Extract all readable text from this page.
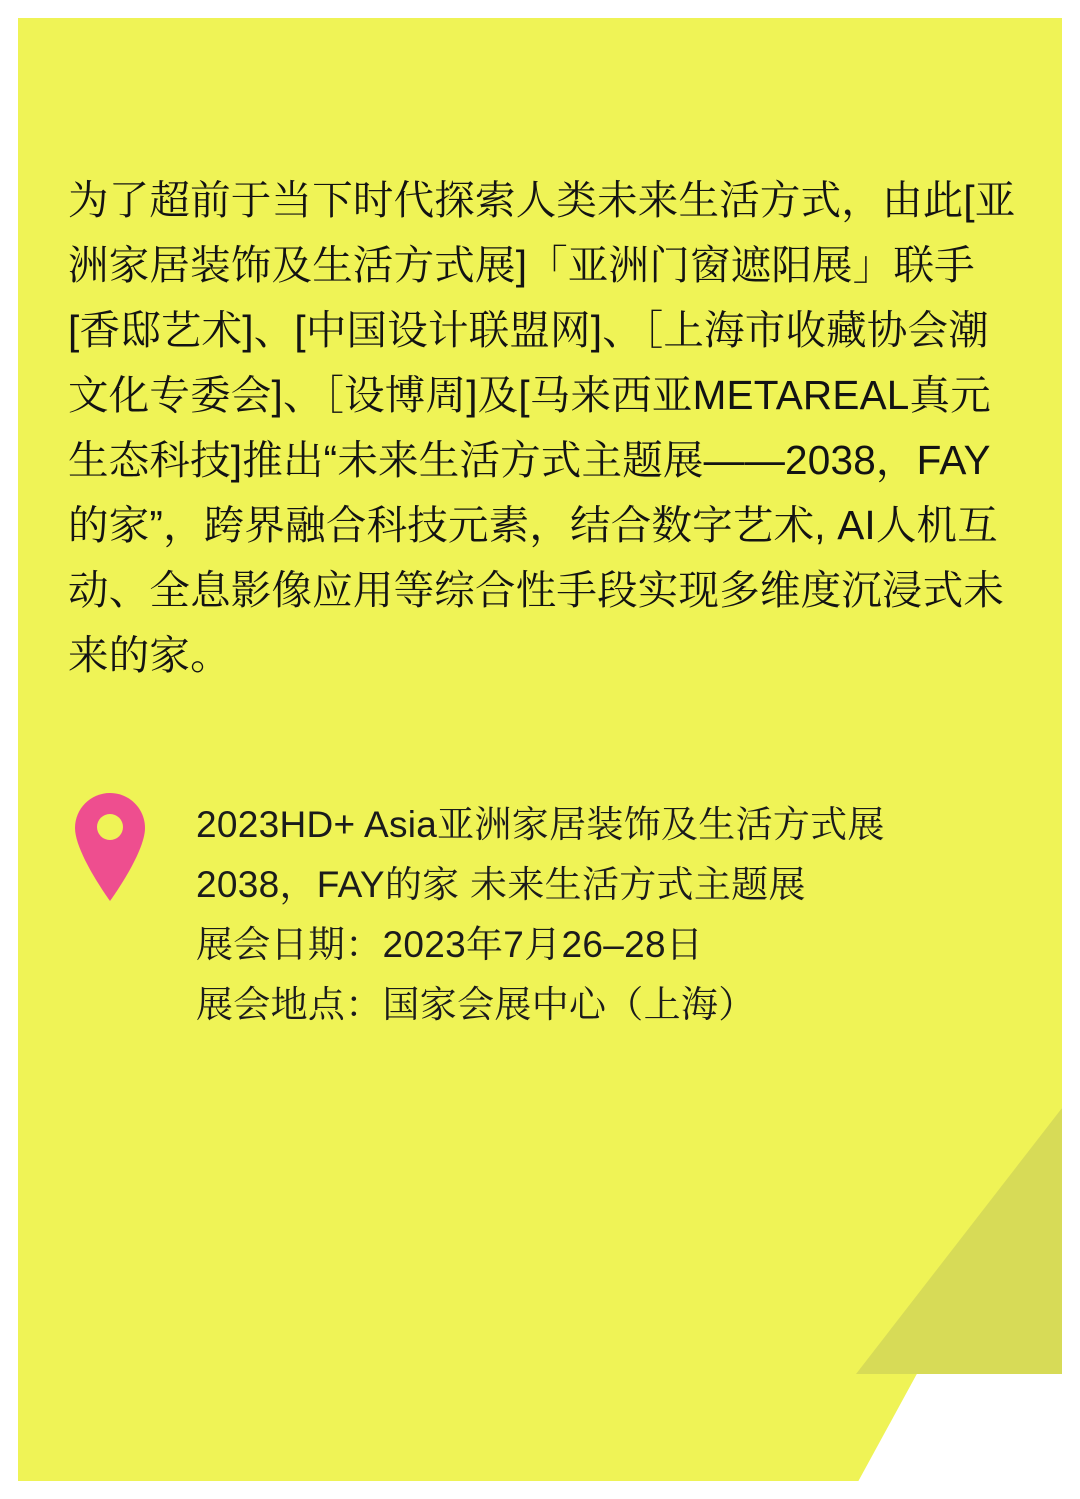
为了超前于当下时代探索人类未来生活方式，由此[亚洲家居装饰及生活方式展]「亚洲门窗遮阳展」联手[香邸艺术]、[中国设计联盟网]、［上海市收藏协会潮文化专委会]、［设博周]及[马来西亚METAREAL真元生态科技]推出“未来生活方式主题展——2038，FAY的家”，跨界融合科技元素，结合数字艺术, AI人机互动、全息影像应用等综合性手段实现多维度沉浸式未来的家。
2023HD+ Asia亚洲家居装饰及生活方式展
2038，FAY的家 未来生活方式主题展
展会日期：2023年7月26–28日
展会地点：国家会展中心（上海）
